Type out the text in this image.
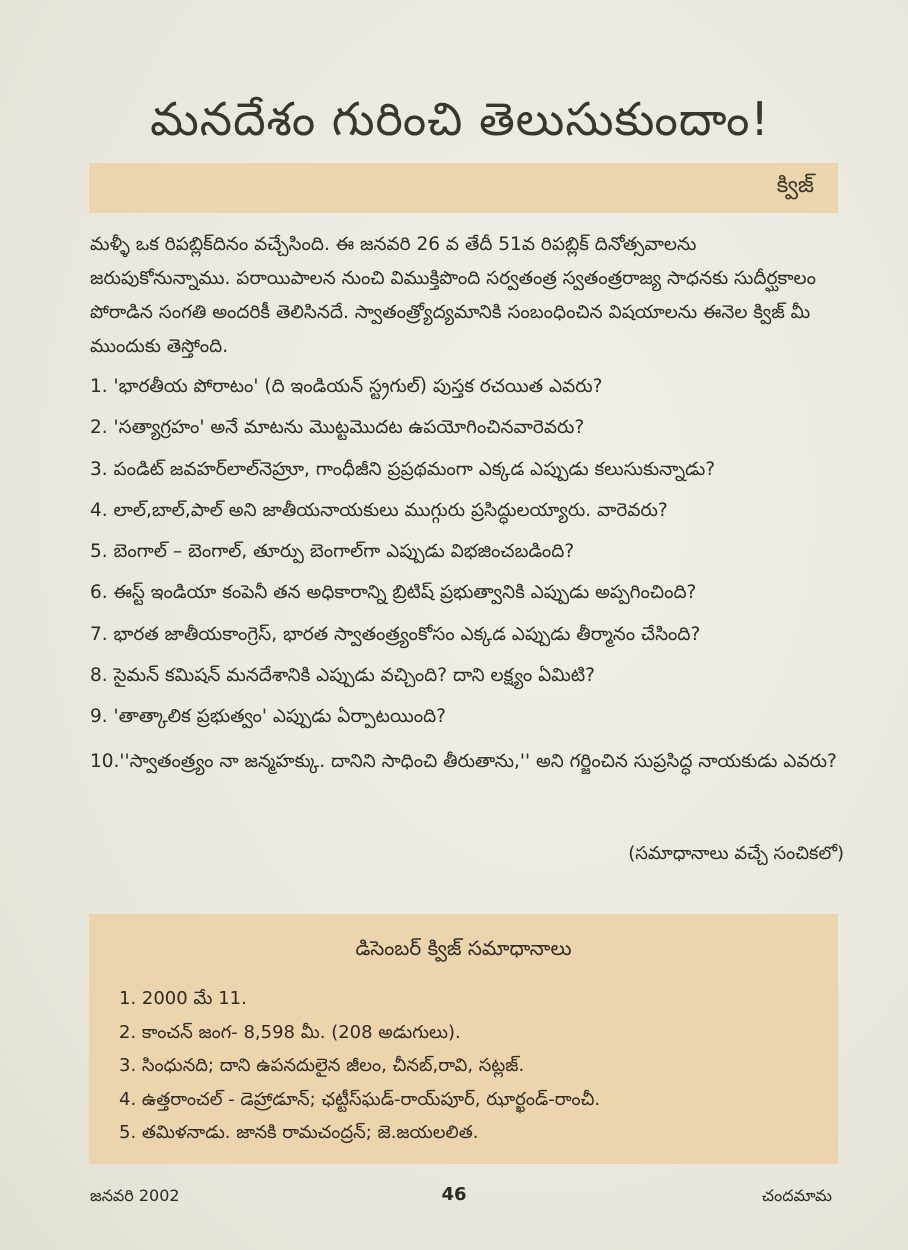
మనదేశం గురించి తెలుసుకుందాం!
క్విజ్
మళ్ళీ ఒక రిపబ్లిక్‌దినం వచ్చేసింది. ఈ జనవరి 26 వ తేదీ 51వ రిపబ్లిక్ దినోత్సవాలను జరుపుకోనున్నాము. పరాయిపాలన నుంచి విముక్తిపొంది సర్వతంత్ర స్వతంత్రరాజ్య సాధనకు సుదీర్ఘకాలం పోరాడిన సంగతి అందరికీ తెలిసినదే. స్వాతంత్ర్యోద్యమానికి సంబంధించిన విషయాలను ఈనెల క్విజ్ మీ ముందుకు తెస్తోంది.
1. 'భారతీయ పోరాటం' (ది ఇండియన్ స్ట్రగుల్) పుస్తక రచయిత ఎవరు?
2. 'సత్యాగ్రహం' అనే మాటను మొట్టమొదట ఉపయోగించినవారెవరు?
3. పండిట్ జవహర్‌లాల్‌నెహ్రూ, గాంధీజీని ప్రప్రథమంగా ఎక్కడ ఎప్పుడు కలుసుకున్నాడు?
4. లాల్,బాల్,పాల్ అని జాతీయనాయకులు ముగ్గురు ప్రసిద్ధులయ్యారు. వారెవరు?
5. బెంగాల్ – బెంగాల్, తూర్పు బెంగాల్‌గా ఎప్పుడు విభజించబడింది?
6. ఈస్ట్ ఇండియా కంపెనీ తన అధికారాన్ని బ్రిటిష్ ప్రభుత్వానికి ఎప్పుడు అప్పగించింది?
7. భారత జాతీయకాంగ్రెస్, భారత స్వాతంత్ర్యంకోసం ఎక్కడ ఎప్పుడు తీర్మానం చేసింది?
8. సైమన్ కమిషన్ మనదేశానికి ఎప్పుడు వచ్చింది? దాని లక్ష్యం ఏమిటి?
9. 'తాత్కాలిక ప్రభుత్వం' ఎప్పుడు ఏర్పాటయింది?
10.''స్వాతంత్ర్యం నా జన్మహక్కు. దానిని సాధించి తీరుతాను,'' అని గర్జించిన సుప్రసిద్ధ నాయకుడు ఎవరు?
(సమాధానాలు వచ్చే సంచికలో)
డిసెంబర్ క్విజ్ సమాధానాలు
1. 2000 మే 11.
2. కాంచన్ జంగ- 8,598 మీ. (208 అడుగులు).
3. సింధునది; దాని ఉపనదులైన జీలం, చీనబ్,రావి, సట్లజ్.
4. ఉత్తరాంచల్ - డెహ్రాడూన్; ఛట్టీస్‌ఘడ్-రాయ్‌పూర్, ఝార్ఖండ్-రాంచీ.
5. తమిళనాడు. జానకి రామచంద్రన్; జె.జయలలిత.
జనవరి 2002	46	చందమామ
